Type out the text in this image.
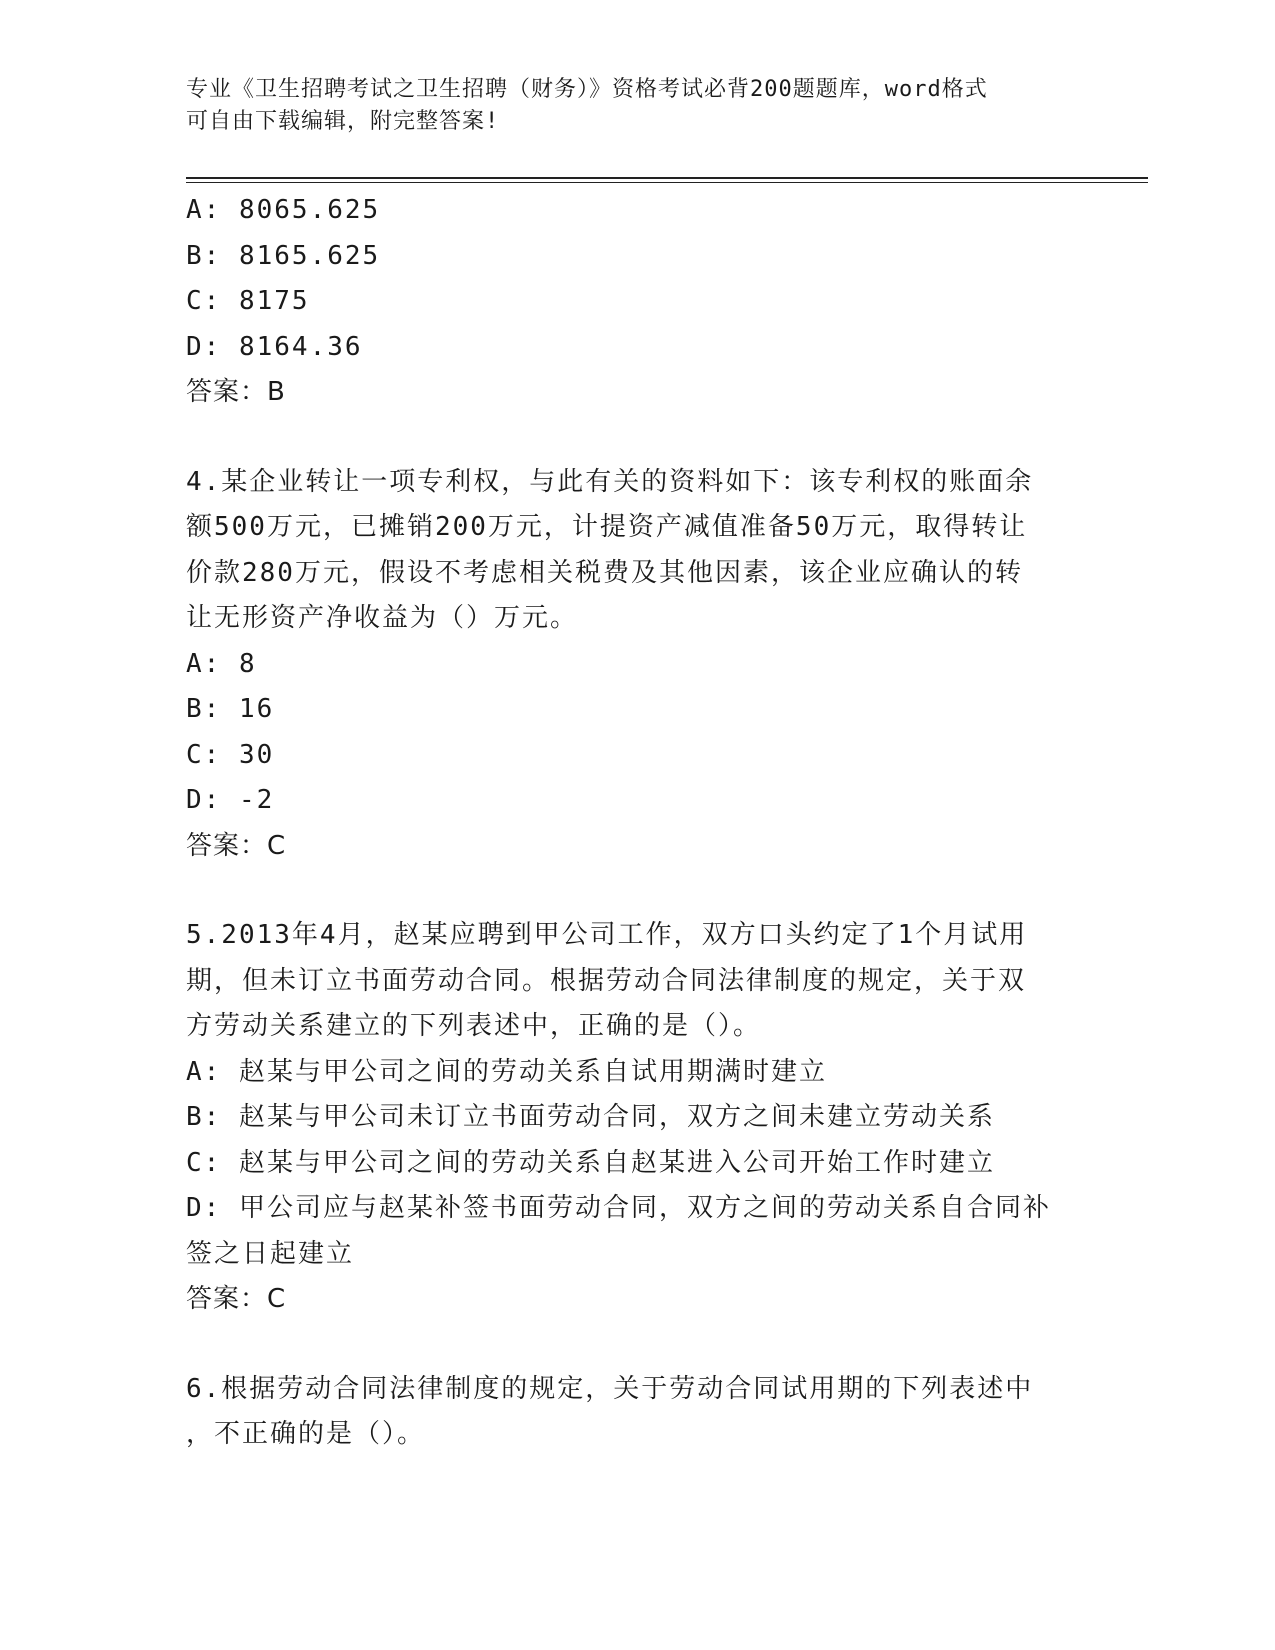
专业《卫生招聘考试之卫生招聘（财务）》资格考试必背200题题库，word格式
可自由下载编辑，附完整答案!
A: 8065.625
B: 8165.625
C: 8175
D: 8164.36
答案：B
4.某企业转让一项专利权，与此有关的资料如下：该专利权的账面余
额500万元，已摊销200万元，计提资产减值准备50万元，取得转让
价款280万元，假设不考虑相关税费及其他因素，该企业应确认的转
让无形资产净收益为（）万元。
A: 8
B: 16
C: 30
D: -2
答案：C
5.2013年4月，赵某应聘到甲公司工作，双方口头约定了1个月试用
期，但未订立书面劳动合同。根据劳动合同法律制度的规定，关于双
方劳动关系建立的下列表述中，正确的是（）。
A: 赵某与甲公司之间的劳动关系自试用期满时建立
B: 赵某与甲公司未订立书面劳动合同，双方之间未建立劳动关系
C: 赵某与甲公司之间的劳动关系自赵某进入公司开始工作时建立
D: 甲公司应与赵某补签书面劳动合同，双方之间的劳动关系自合同补
签之日起建立
答案：C
6.根据劳动合同法律制度的规定，关于劳动合同试用期的下列表述中
，不正确的是（）。
